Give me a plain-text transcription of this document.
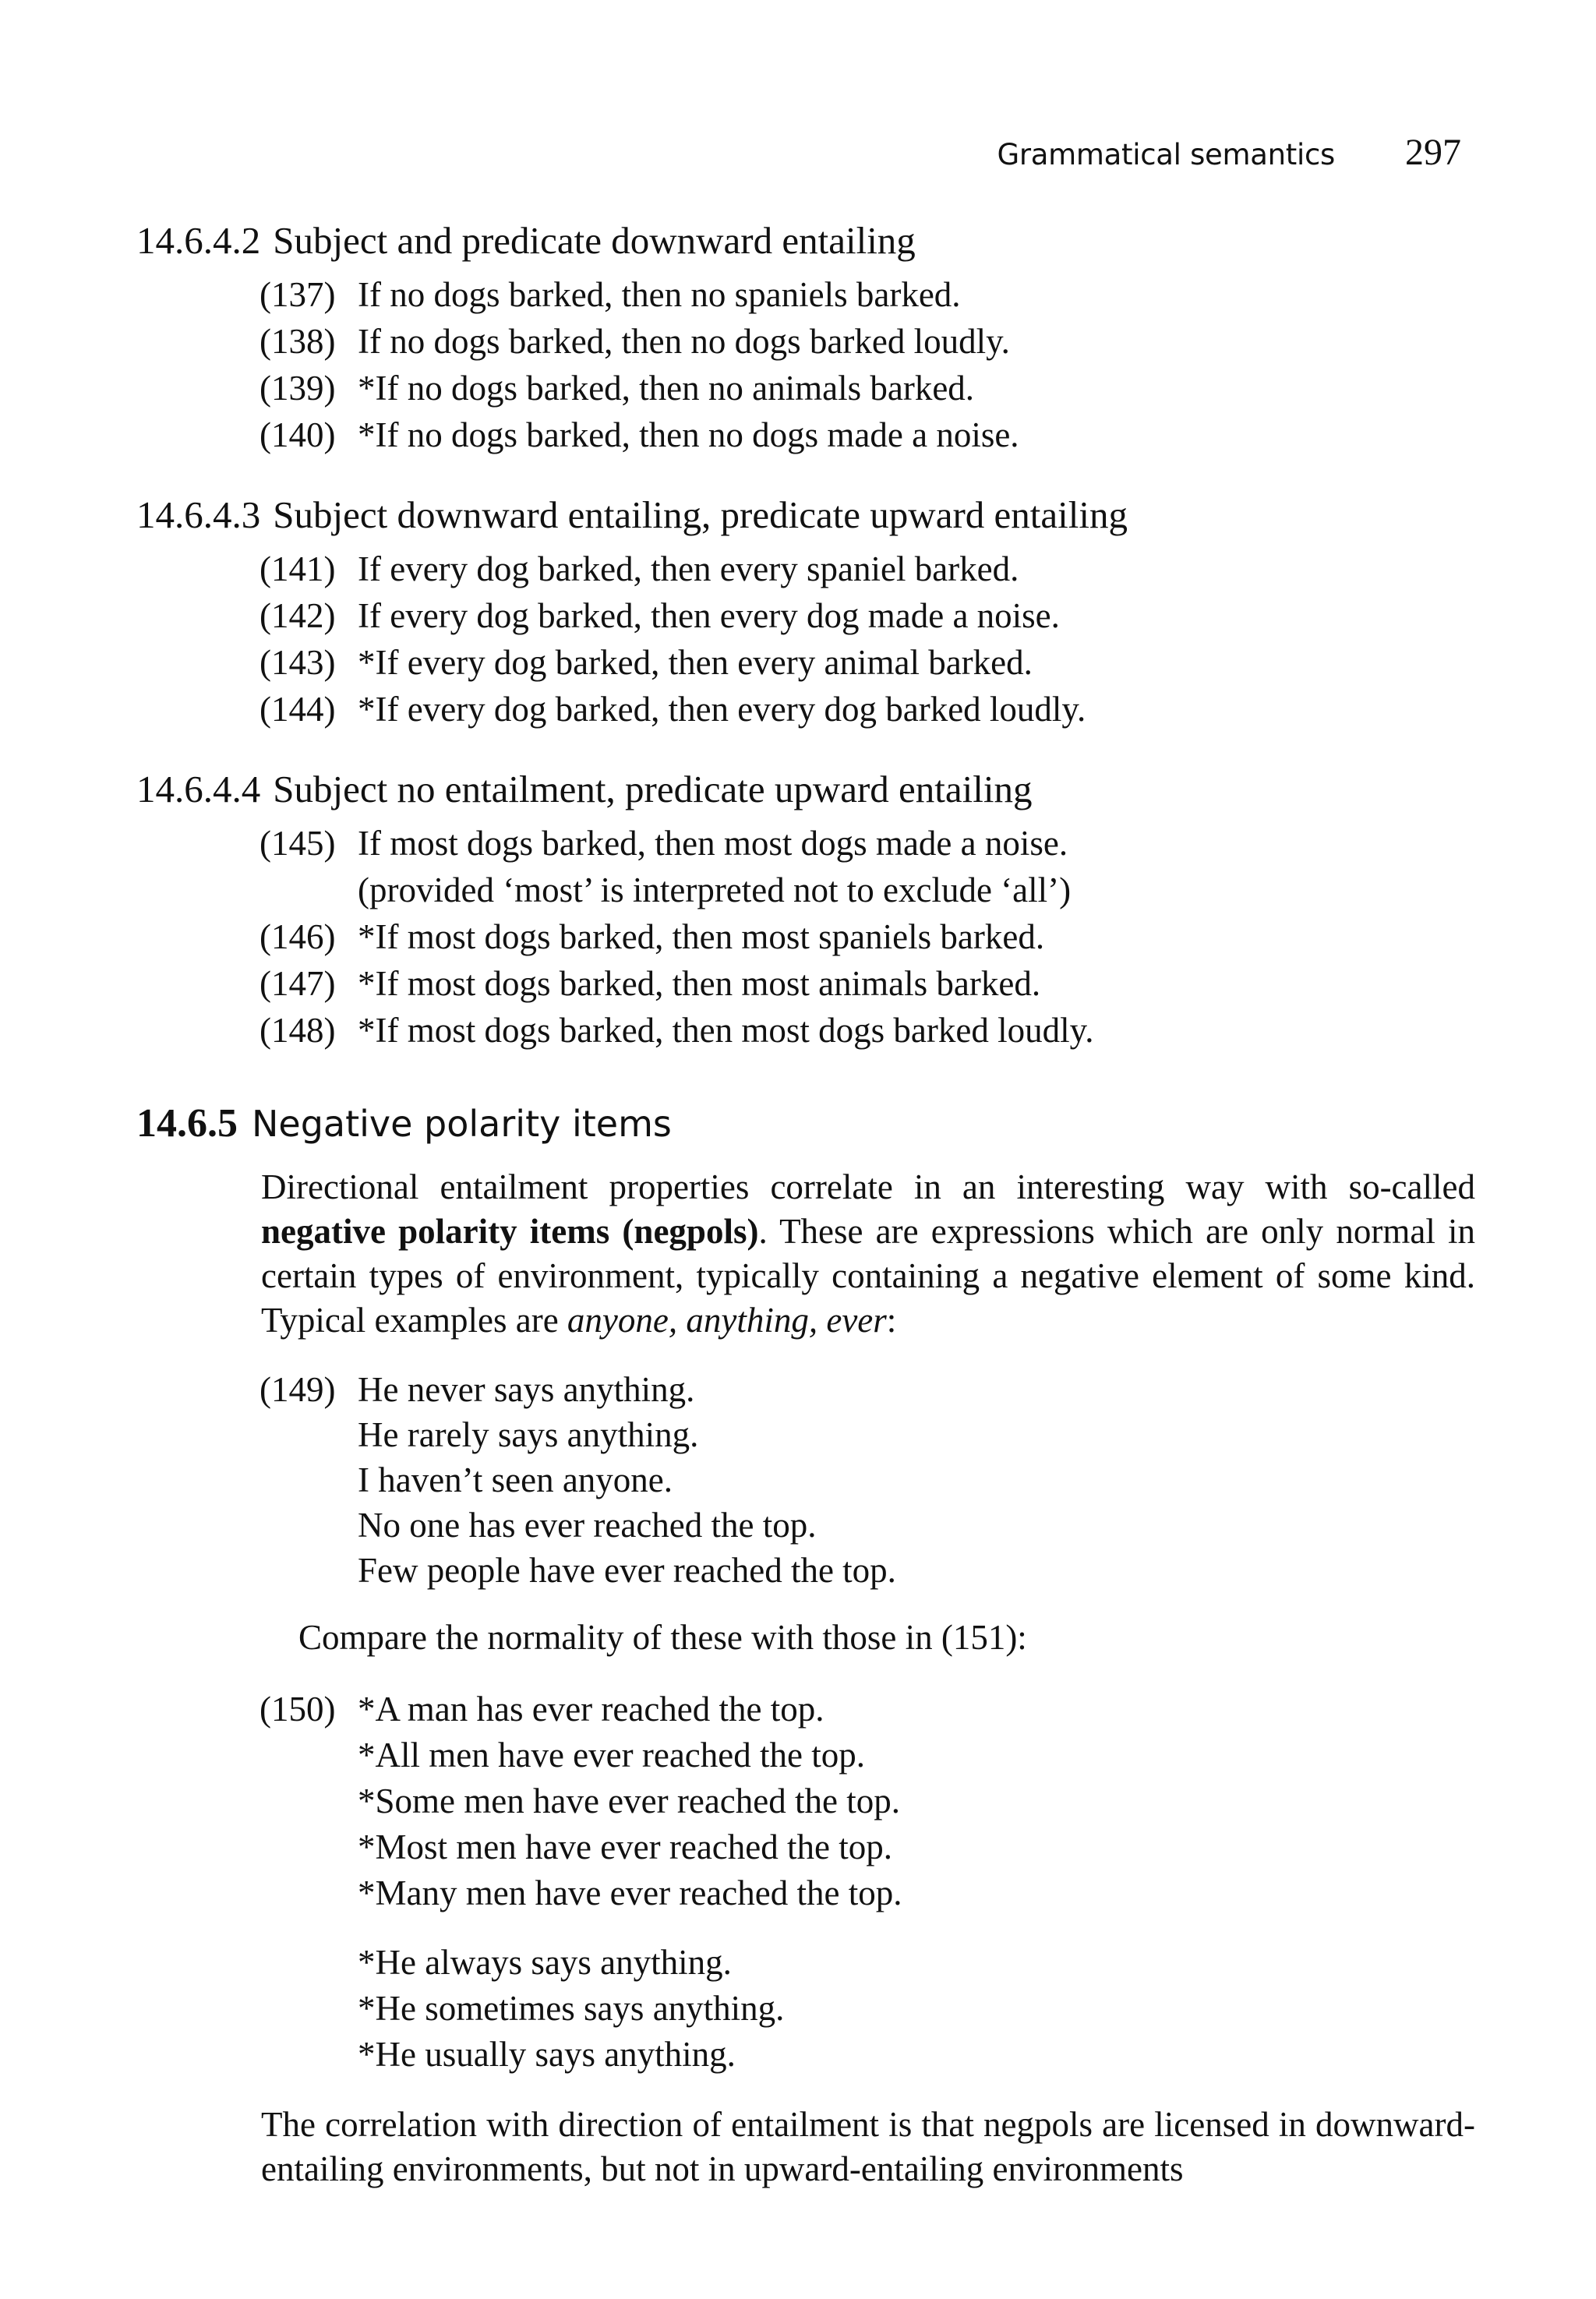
Grammatical semantics 297
14.6.4.2 Subject and predicate downward entailing
(137) If no dogs barked, then no spaniels barked.
(138) If no dogs barked, then no dogs barked loudly.
(139) *If no dogs barked, then no animals barked.
(140) *If no dogs barked, then no dogs made a noise.
14.6.4.3 Subject downward entailing, predicate upward entailing
(141) If every dog barked, then every spaniel barked.
(142) If every dog barked, then every dog made a noise.
(143) *If every dog barked, then every animal barked.
(144) *If every dog barked, then every dog barked loudly.
14.6.4.4 Subject no entailment, predicate upward entailing
(145) If most dogs barked, then most dogs made a noise.
(provided ‘most’ is interpreted not to exclude ‘all’)
(146) *If most dogs barked, then most spaniels barked.
(147) *If most dogs barked, then most animals barked.
(148) *If most dogs barked, then most dogs barked loudly.
14.6.5 Negative polarity items
Directional entailment properties correlate in an interesting way with so-called negative polarity items (negpols). These are expressions which are only normal in certain types of environment, typically containing a negative element of some kind. Typical examples are anyone, anything, ever:
(149) He never says anything.
He rarely says anything.
I haven’t seen anyone.
No one has ever reached the top.
Few people have ever reached the top.
Compare the normality of these with those in (151):
(150) *A man has ever reached the top.
*All men have ever reached the top.
*Some men have ever reached the top.
*Most men have ever reached the top.
*Many men have ever reached the top.
*He always says anything.
*He sometimes says anything.
*He usually says anything.
The correlation with direction of entailment is that negpols are licensed in downward-entailing environments, but not in upward-entailing environments
